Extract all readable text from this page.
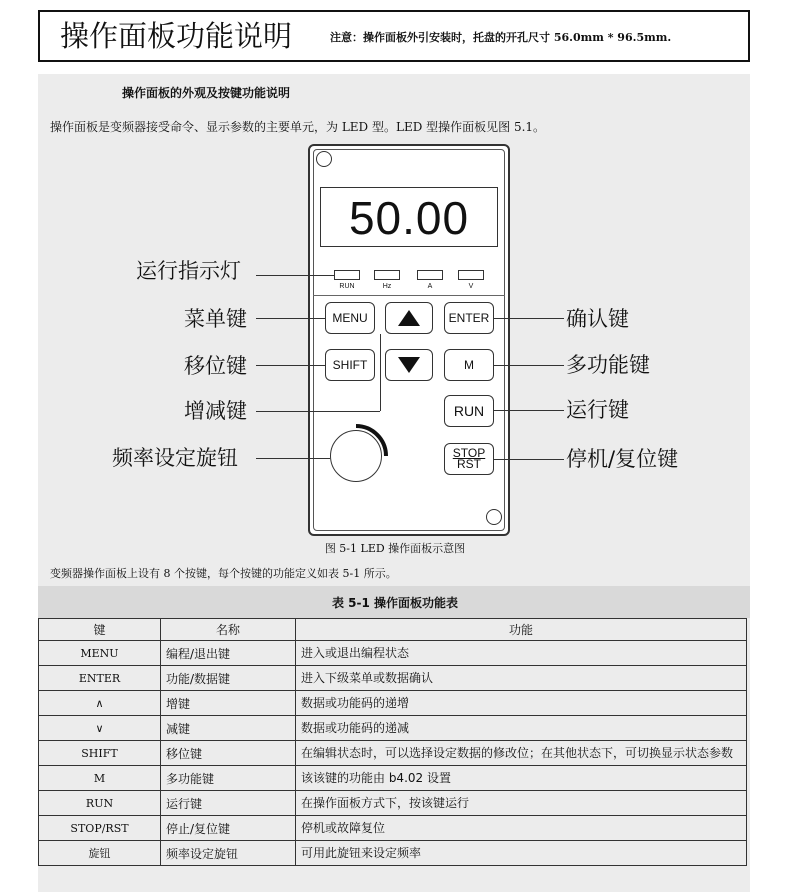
操作面板功能说明	注意：操作面板外引安装时，托盘的开孔尺寸 56.0mm * 96.5mm.
操作面板的外观及按键功能说明
操作面板是变频器接受命令、显示参数的主要单元，为 LED 型。LED 型操作面板见图 5.1。
50.00
RUN	Hz	A	V
MENU	ENTER
SHIFT	M
RUN
STOP
RST
运行指示灯
菜单键
移位键
增减键
频率设定旋钮
确认键
多功能键
运行键
停机/复位键
图 5-1 LED 操作面板示意图
变频器操作面板上设有 8 个按键，每个按键的功能定义如表 5-1 所示。
表 5-1 操作面板功能表
键	名称	功能
MENU	编程/退出键	进入或退出编程状态
ENTER	功能/数据键	进入下级菜单或数据确认
∧	增键	数据或功能码的递增
∨	减键	数据或功能码的递减
SHIFT	移位键	在编辑状态时，可以选择设定数据的修改位；在其他状态下，可切换显示状态参数
M	多功能键	该该键的功能由 b4.02 设置
RUN	运行键	在操作面板方式下，按该键运行
STOP/RST	停止/复位键	停机或故障复位
旋钮	频率设定旋钮	可用此旋钮来设定频率
